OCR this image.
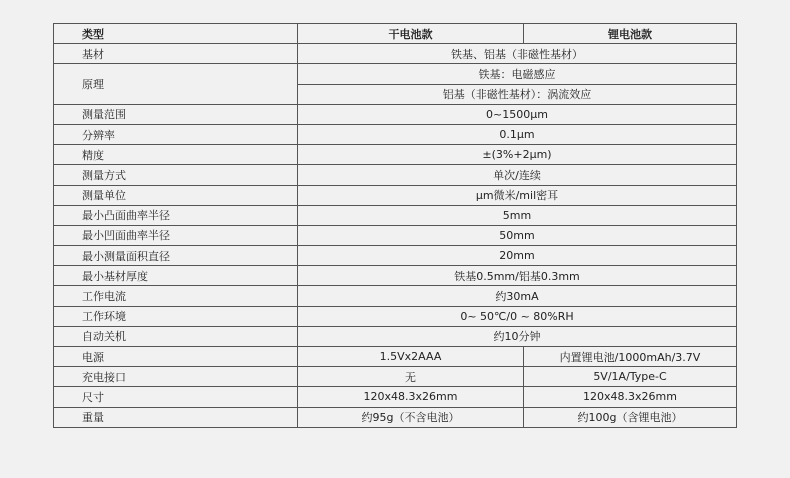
类型	干电池款	锂电池款
基材	铁基、铝基（非磁性基材）	
原理	铁基：电磁感应	
	铝基（非磁性基材）：涡流效应	
测量范围	0~1500μm	
分辨率	0.1μm	
精度	±(3%+2μm)	
测量方式	单次/连续	
测量单位	μm微米/mil密耳	
最小凸面曲率半径	5mm	
最小凹面曲率半径	50mm	
最小测量面积直径	20mm	
最小基材厚度	铁基0.5mm/铝基0.3mm	
工作电流	约30mA	
工作环境	0~ 50℃/0 ~ 80%RH	
自动关机	约10分钟	
电源	1.5Vx2AAA	内置锂电池/1000mAh/3.7V
充电接口	无	5V/1A/Type-C
尺寸	120x48.3x26mm	120x48.3x26mm
重量	约95g（不含电池）	约100g（含锂电池）
